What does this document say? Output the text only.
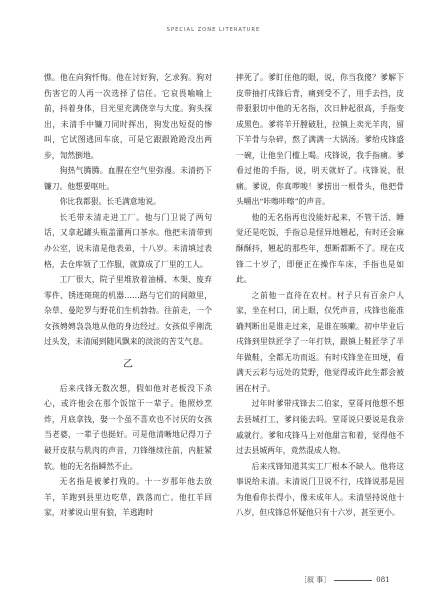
SPECIAL ZONE LITERATURE

憔。他在向狗忏悔。他在讨好狗，乞求狗。狗对伤害它的人再一次选择了信任。它哀畏喻喻上前，抖着身体，目光里充满侥幸与大度。狗头探出，未清手中镰刀同时挥出，狗发出短促的惨叫，它试图逃回车底，可是它跟跟跄跄没出两步，訇然倒地。

狗热气腾腾。血腥在空气里弥漫。未清扔下镰刀。他想要呕吐。

你比我都狠。长毛满意地说。

长毛带未清走进工厂。他与门卫说了两句话，又拿起罐头瓶盖灌两口茶水。他把未清带到办公室，说未清是他表弟，十八岁。未清填过表格，去仓库领了工作服，就算成了厂里的工人。

工厂很大，院子里堆放着油桶、木架、废弃零件、锈迹斑斑的机器……路与它们的间隙里，杂草、曼陀罗与野花们生机勃勃。往前走，一个女孩娉娉袅袅地从他的身边经过。女孩似乎刚洗过头发，未清闻到随风飘来的淡淡的苦艾气息。

乙

后来戌锋无数次想，假如他对老板没下杀心，或许他会在那个饭馆干一辈子。他照炒烹炸，月底拿钱，娶一个虽不喜欢也不讨厌的女孩当老婆，一辈子也挺好。可是他清晰地记得刀子破开皮肤与肌肉的声音，刀锋继续往前，内脏紧软。他的无名指瞬然不止。

无名指是被爹打残的。十一岁那年他去放羊，羊跑到县里边吃草，跌落而亡。他扛羊回家，对爹说山里有狼，羊逃跑时

摔死了。爹盯住他的眼，说，你当我傻？爹解下皮带抽打戌锋后背，痛到受不了，用手去挡，皮带狠狠切中他的无名指，次日肿起很高，手指变成黑色。爹将羊开膛破肚，拉镇上卖光羊肉，留下羊骨与杂碎，熬了满满一大锅汤。爹给戌锋盛一碗，让他坐门槛上喝。戌锋说，我手指痛。爹看过他的手指，说，明天就好了。戌锋说，很痛。爹说，你真啰唆！爹捞出一根骨头，他把骨头嚼出“咔嚓咔嚓”的声音。

他的无名指再也没能好起来，不管干活、睡觉还是吃饭，手指总是怪异地翘起，有时还会麻酥酥抖，翘起的那些年，想断都断不了。现在戌锋二十岁了，即便正在操作车床，手指也是如此。

之前他一直待在农村。村子只有百余户人家，坐在村口，闭上眼，仅凭声音，戌锋也能准确判断出是谁走过来，是谁在咳嗽。初中毕业后戌锋到里铁匠学了一年打铁，跟镇上鞋匠学了半年做鞋，全都无功而返。有时戌锋坐在田埂，看满天云彩与远处的荒野，他觉得或许此生都会被困在村子。

过年时爹带戌锋去二伯家，堂哥问他想不想去县城打工，爹问能去吗。堂哥说只要说是我亲戚就行。爹和戌锋马上对他甜言和着，觉得他不过去县城两年，竟然混成人物。

后来戌锋知道其实工厂根本不缺人。他将这事说给未清。未清说门卫说不行，戌锋说那是因为他看你长得小，像未成年人。未清坚持说他十八岁，但戌锋总怀疑他只有十六岁，甚至更小。

［叙 事］	081
